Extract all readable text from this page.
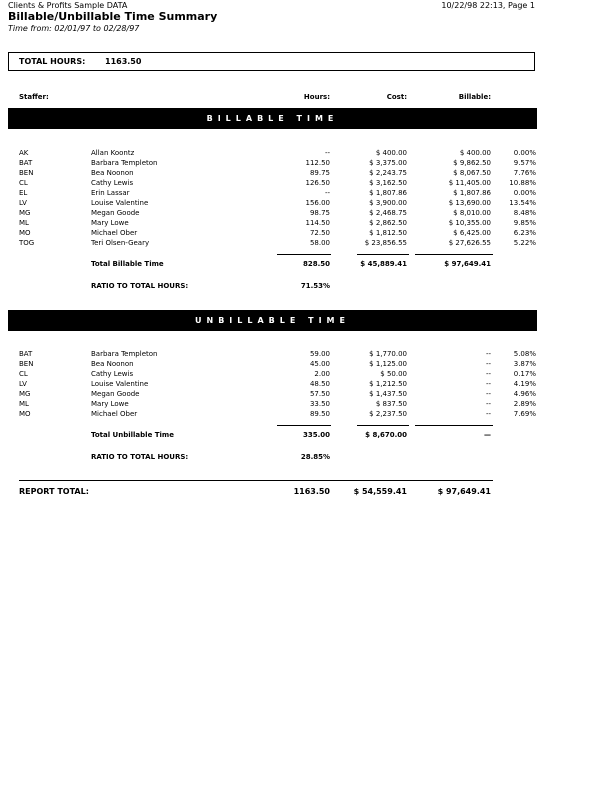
Clients & Profits Sample DATA	10/22/98 22:13, Page 1
Billable/Unbillable Time Summary
Time from: 02/01/97 to 02/28/97
TOTAL HOURS: 1163.50
Staffer:	Hours:	Cost:	Billable:
BILLABLE TIME
AK	Allan Koontz	--	$ 400.00	$ 400.00	0.00%
BAT	Barbara Templeton	112.50	$ 3,375.00	$ 9,862.50	9.57%
BEN	Bea Noonon	89.75	$ 2,243.75	$ 8,067.50	7.76%
CL	Cathy Lewis	126.50	$ 3,162.50	$ 11,405.00	10.88%
EL	Erin Lassar	--	$ 1,807.86	$ 1,807.86	0.00%
LV	Louise Valentine	156.00	$ 3,900.00	$ 13,690.00	13.54%
MG	Megan Goode	98.75	$ 2,468.75	$ 8,010.00	8.48%
ML	Mary Lowe	114.50	$ 2,862.50	$ 10,355.00	9.85%
MO	Michael Ober	72.50	$ 1,812.50	$ 6,425.00	6.23%
TOG	Teri Olsen-Geary	58.00	$ 23,856.55	$ 27,626.55	5.22%
Total Billable Time	828.50	$ 45,889.41	$ 97,649.41
RATIO TO TOTAL HOURS:	71.53%
UNBILLABLE TIME
BAT	Barbara Templeton	59.00	$ 1,770.00	--	5.08%
BEN	Bea Noonon	45.00	$ 1,125.00	--	3.87%
CL	Cathy Lewis	2.00	$ 50.00	--	0.17%
LV	Louise Valentine	48.50	$ 1,212.50	--	4.19%
MG	Megan Goode	57.50	$ 1,437.50	--	4.96%
ML	Mary Lowe	33.50	$ 837.50	--	2.89%
MO	Michael Ober	89.50	$ 2,237.50	--	7.69%
Total Unbillable Time	335.00	$ 8,670.00	—
RATIO TO TOTAL HOURS:	28.85%
REPORT TOTAL:	1163.50	$ 54,559.41	$ 97,649.41
